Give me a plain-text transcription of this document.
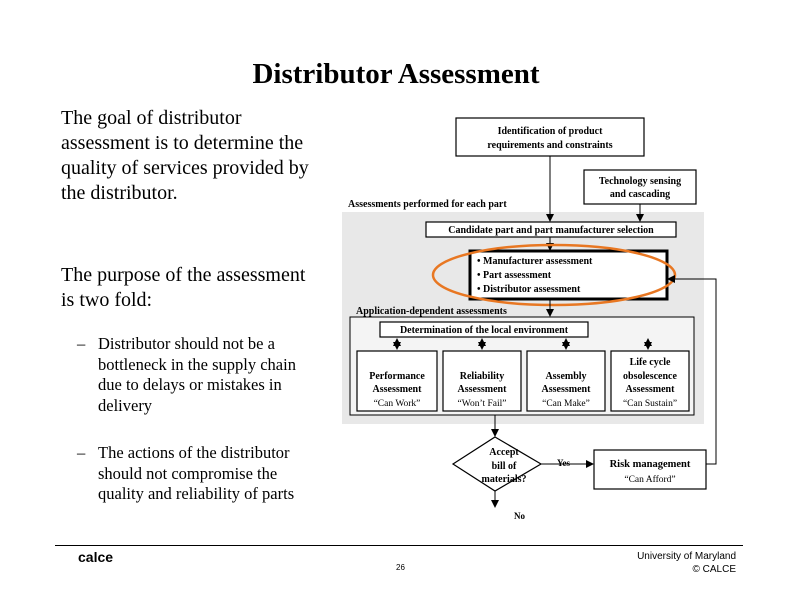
Distributor Assessment
The goal of distributor assessment is to determine the quality of services provided by the distributor.
The purpose of the assessment is two fold:
– Distributor should not be a bottleneck in the supply chain due to delays or mistakes in delivery
– The actions of the distributor should not compromise the quality and reliability of parts
Identification of product
requirements and constraints
Technology sensing
and cascading
Assessments performed for each part
Candidate part and part manufacturer selection
• Manufacturer assessment
• Part assessment
• Distributor assessment
Application-dependent assessments
Determination of the local environment
Performance
Assessment
“Can Work”
Reliability
Assessment
“Won’t Fail”
Assembly
Assessment
“Can Make”
Life cycle
obsolescence
Assessment
“Can Sustain”
Accept
bill of
materials?
Yes
No
Risk management
“Can Afford”
calce
26
University of Maryland
© CALCE
